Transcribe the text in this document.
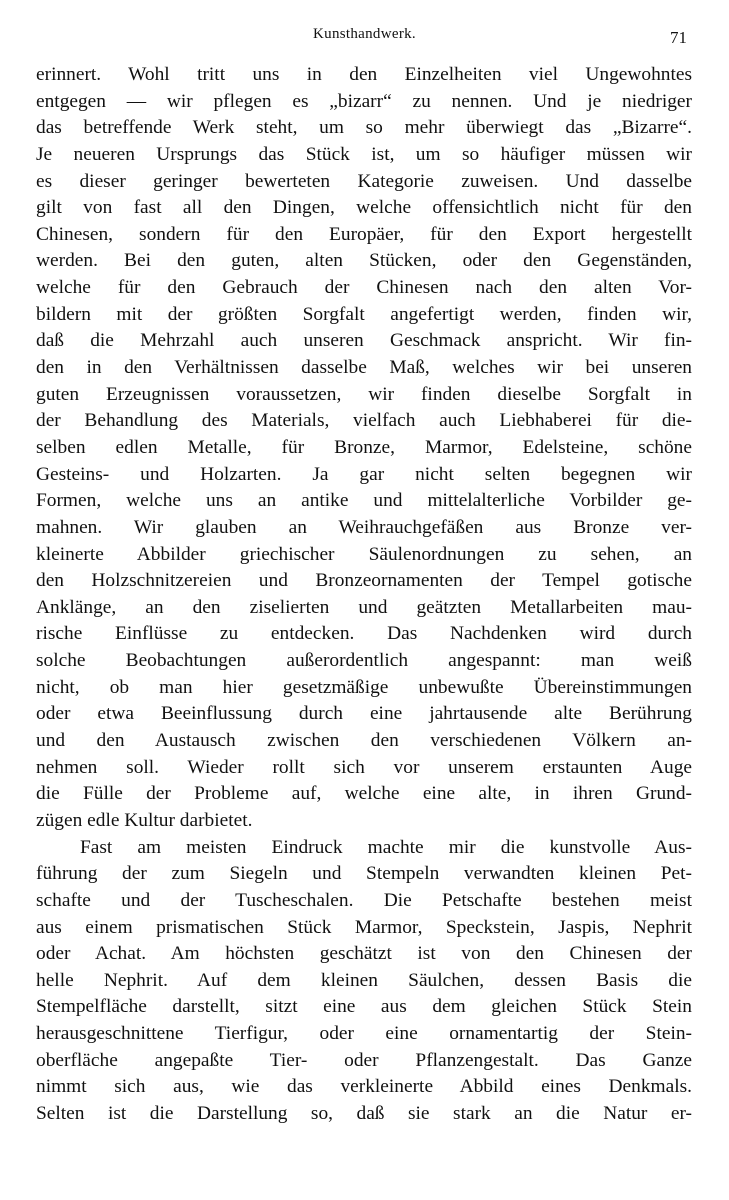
Kunsthandwerk.	71
erinnert. Wohl tritt uns in den Einzelheiten viel Ungewohntes
entgegen — wir pflegen es „bizarr“ zu nennen. Und je niedriger
das betreffende Werk steht, um so mehr überwiegt das „Bizarre“.
Je neueren Ursprungs das Stück ist, um so häufiger müssen wir
es dieser geringer bewerteten Kategorie zuweisen. Und dasselbe
gilt von fast all den Dingen, welche offensichtlich nicht für den
Chinesen, sondern für den Europäer, für den Export hergestellt
werden. Bei den guten, alten Stücken, oder den Gegenständen,
welche für den Gebrauch der Chinesen nach den alten Vor-
bildern mit der größten Sorgfalt angefertigt werden, finden wir,
daß die Mehrzahl auch unseren Geschmack anspricht. Wir fin-
den in den Verhältnissen dasselbe Maß, welches wir bei unseren
guten Erzeugnissen voraussetzen, wir finden dieselbe Sorgfalt in
der Behandlung des Materials, vielfach auch Liebhaberei für die-
selben edlen Metalle, für Bronze, Marmor, Edelsteine, schöne
Gesteins- und Holzarten. Ja gar nicht selten begegnen wir
Formen, welche uns an antike und mittelalterliche Vorbilder ge-
mahnen. Wir glauben an Weihrauchgefäßen aus Bronze ver-
kleinerte Abbilder griechischer Säulenordnungen zu sehen, an
den Holzschnitzereien und Bronzeornamenten der Tempel gotische
Anklänge, an den ziselierten und geätzten Metallarbeiten mau-
rische Einflüsse zu entdecken. Das Nachdenken wird durch
solche Beobachtungen außerordentlich angespannt: man weiß
nicht, ob man hier gesetzmäßige unbewußte Übereinstimmungen
oder etwa Beeinflussung durch eine jahrtausende alte Berührung
und den Austausch zwischen den verschiedenen Völkern an-
nehmen soll. Wieder rollt sich vor unserem erstaunten Auge
die Fülle der Probleme auf, welche eine alte, in ihren Grund-
zügen edle Kultur darbietet.
Fast am meisten Eindruck machte mir die kunstvolle Aus-
führung der zum Siegeln und Stempeln verwandten kleinen Pet-
schafte und der Tuscheschalen. Die Petschafte bestehen meist
aus einem prismatischen Stück Marmor, Speckstein, Jaspis, Nephrit
oder Achat. Am höchsten geschätzt ist von den Chinesen der
helle Nephrit. Auf dem kleinen Säulchen, dessen Basis die
Stempelfläche darstellt, sitzt eine aus dem gleichen Stück Stein
herausgeschnittene Tierfigur, oder eine ornamentartig der Stein-
oberfläche angepaßte Tier- oder Pflanzengestalt. Das Ganze
nimmt sich aus, wie das verkleinerte Abbild eines Denkmals.
Selten ist die Darstellung so, daß sie stark an die Natur er-
